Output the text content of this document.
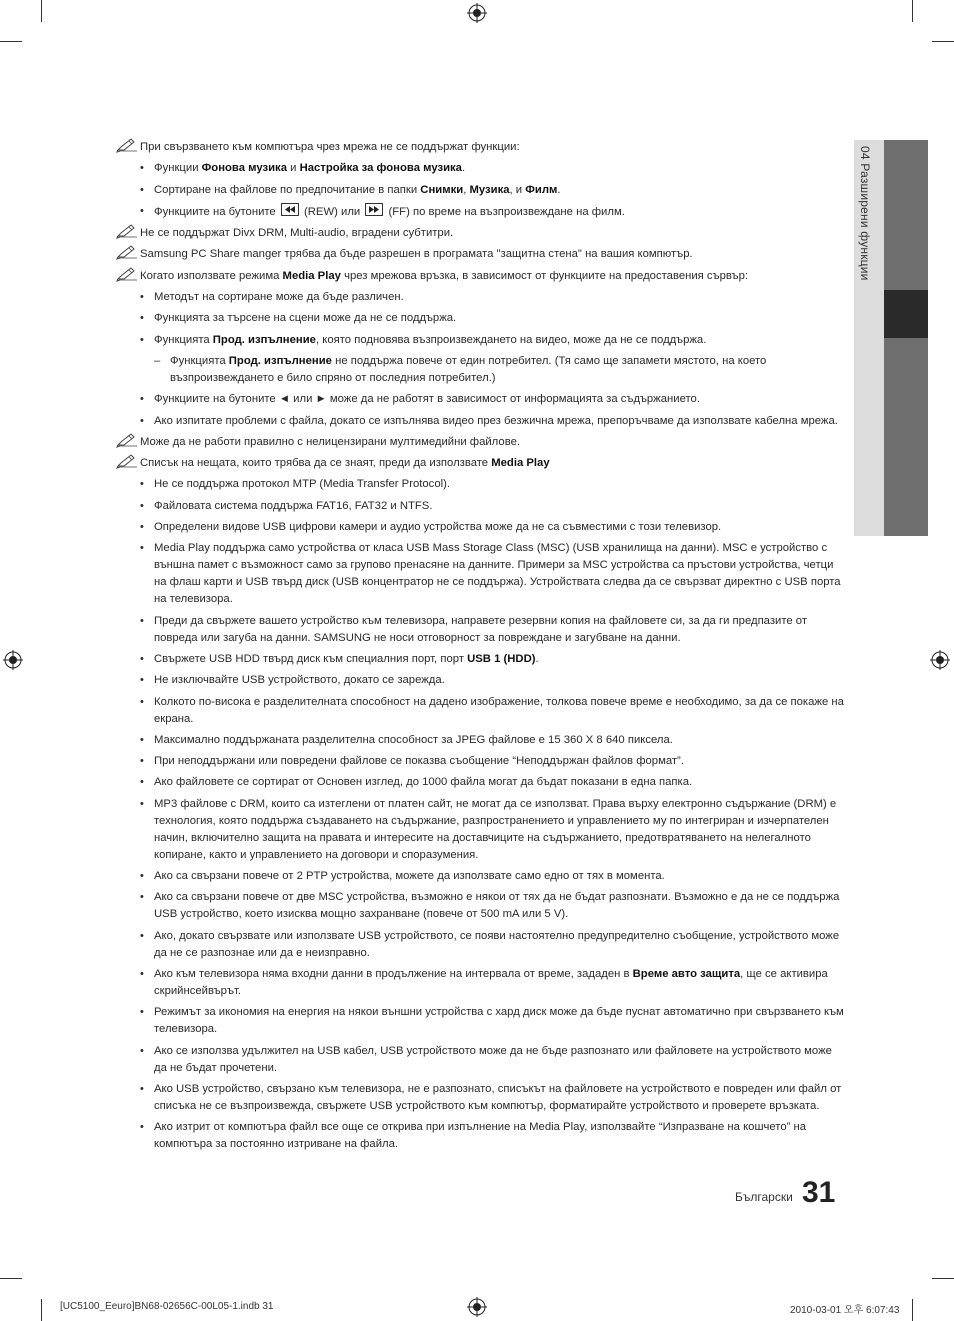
04 Разширени функции
При свързването към компютъра чрез мрежа не се поддържат функции:
• Функции Фонова музика и Настройка за фонова музика.
• Сортиране на файлове по предпочитание в папки Снимки, Музика, и Филм.
• Функциите на бутоните
(REW) или
(FF) по време на възпроизвеждане на филм.
Не се поддържат Divx DRM, Multi-audio, вградени субтитри.
Samsung PC Share manger трябва да бъде разрешен в програмата "защитна стена" на вашия компютър.
Когато използвате режима Media Play чрез мрежова връзка, в зависимост от функциите на предоставения сървър:
• Методът на сортиране може да бъде различен.
• Функцията за търсене на сцени може да не се поддържа.
• Функцията Прод. изпълнение, която подновява възпроизвеждането на видео, може да не се поддържа.
– Функцията Прод. изпълнение не поддържа повече от един потребител. (Тя само ще запамети мястото, на което възпроизвеждането е било спряно от последния потребител.)
• Функциите на бутоните ◄ или ► може да не работят в зависимост от информацията за съдържанието.
• Ако изпитате проблеми с файла, докато се изпълнява видео през безжична мрежа, препоръчваме да използвате кабелна мрежа.
Може да не работи правилно с нелицензирани мултимедийни файлове.
Списък на нещата, които трябва да се знаят, преди да използвате Media Play
• Не се поддържа протокол MTP (Media Transfer Protocol).
• Файловата система поддържа FAT16, FAT32 и NTFS.
• Определени видове USB цифрови камери и аудио устройства може да не са съвместими с този телевизор.
• Media Play поддържа само устройства от класа USB Mass Storage Class (MSC) (USB хранилища на данни). MSC е устройство с външна памет с възможност само за групово пренасяне на данните. Примери за MSC устройства са пръстови устройства, четци на флаш карти и USB твърд диск (USB концентратор не се поддържа). Устройствата следва да се свързват директно с USB порта на телевизора.
• Преди да свържете вашето устройство към телевизора, направете резервни копия на файловете си, за да ги предпазите от повреда или загуба на данни. SAMSUNG не носи отговорност за повреждане и загубване на данни.
• Свържете USB HDD твърд диск към специалния порт, порт USB 1 (HDD).
• Не изключвайте USB устройството, докато се зарежда.
• Колкото по-висока е разделителната способност на дадено изображение, толкова повече време е необходимо, за да се покаже на екрана.
• Максимално поддържаната разделителна способност за JPEG файлове е 15 360 X 8 640 пиксела.
• При неподдържани или повредени файлове се показва съобщение “Неподдържан файлов формат”.
• Ако файловете се сортират от Основен изглед, до 1000 файла могат да бъдат показани в една папка.
• MP3 файлове с DRM, които са изтеглени от платен сайт, не могат да се използват. Права върху електронно съдържание (DRM) е технология, която поддържа създаването на съдържание, разпространението и управлението му по интегриран и изчерпателен начин, включително защита на правата и интересите на доставчиците на съдържанието, предотвратяването на нелегалното копиране, както и управлението на договори и споразумения.
• Ако са свързани повече от 2 PTP устройства, можете да използвате само едно от тях в момента.
• Ако са свързани повече от две MSC устройства, възможно е някои от тях да не бъдат разпознати. Възможно е да не се поддържа USB устройство, което изисква мощно захранване (повече от 500 mA или 5 V).
• Ако, докато свързвате или използвате USB устройството, се появи настоятелно предупредително съобщение, устройството може да не се разпознае или да е неизправно.
• Ако към телевизора няма входни данни в продължение на интервала от време, зададен в Време авто защита, ще се активира скрийнсейвърът.
• Режимът за икономия на енергия на някои външни устройства с хард диск може да бъде пуснат автоматично при свързването към телевизора.
• Ако се използва удължител на USB кабел, USB устройството може да не бъде разпознато или файловете на устройството може да не бъдат прочетени.
• Ако USB устройство, свързано към телевизора, не е разпознато, списъкът на файловете на устройството е повреден или файл от списъка не се възпроизвежда, свържете USB устройството към компютър, форматирайте устройството и проверете връзката.
• Ако изтрит от компютъра файл все още се открива при изпълнение на Media Play, използвайте “Изпразване на кошчето” на компютъра за постоянно изтриване на файла.
Български 31
[UC5100_Eeuro]BN68-02656C-00L05-1.indb 31	2010-03-01 오후 6:07:43
